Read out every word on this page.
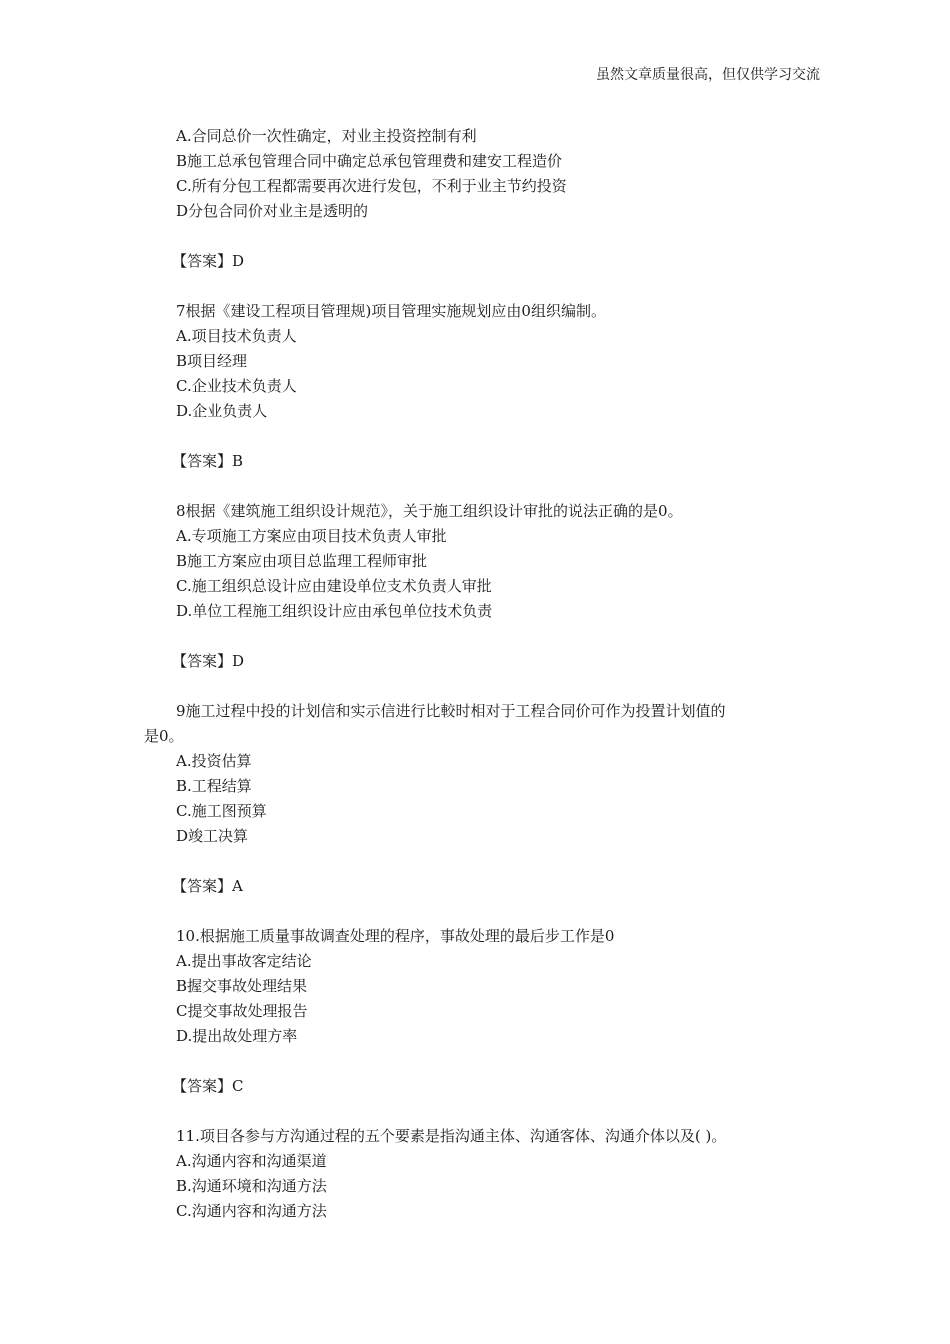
虽然文章质量很高，但仅供学习交流
A.合同总价一次性确定，对业主投资控制有利
B施工总承包管理合同中确定总承包管理费和建安工程造价
C.所有分包工程都需要再次进行发包，不利于业主节约投资
D分包合同价对业主是透明的
【答案】D
7根据《建设工程项目管理规)项目管理实施规划应由0组织编制。
A.项目技术负责人
B项目经理
C.企业技术负责人
D.企业负责人
【答案】B
8根据《建筑施工组织设计规范》，关于施工组织设计审批的说法正确的是0。
A.专项施工方案应由项目技术负责人审批
B施工方案应由项目总监理工程师审批
C.施工组织总设计应由建设单位支术负责人审批
D.单位工程施工组织设计应由承包单位技术负责
【答案】D
9施工过程中投的计划信和实示信进行比較时相对于工程合同价可作为投置计划值的
是0。
A.投资估算
B.工程结算
C.施工图预算
D竣工决算
【答案】A
10.根据施工质量事故调查处理的程序，事故处理的最后步工作是0
A.提出事故客定结论
B握交事故处理结果
C提交事故处理报告
D.提出故处理方率
【答案】C
11.项目各参与方沟通过程的五个要素是指沟通主体、沟通客体、沟通介体以及( )。
A.沟通内容和沟通渠道
B.沟通环境和沟通方法
C.沟通内容和沟通方法
